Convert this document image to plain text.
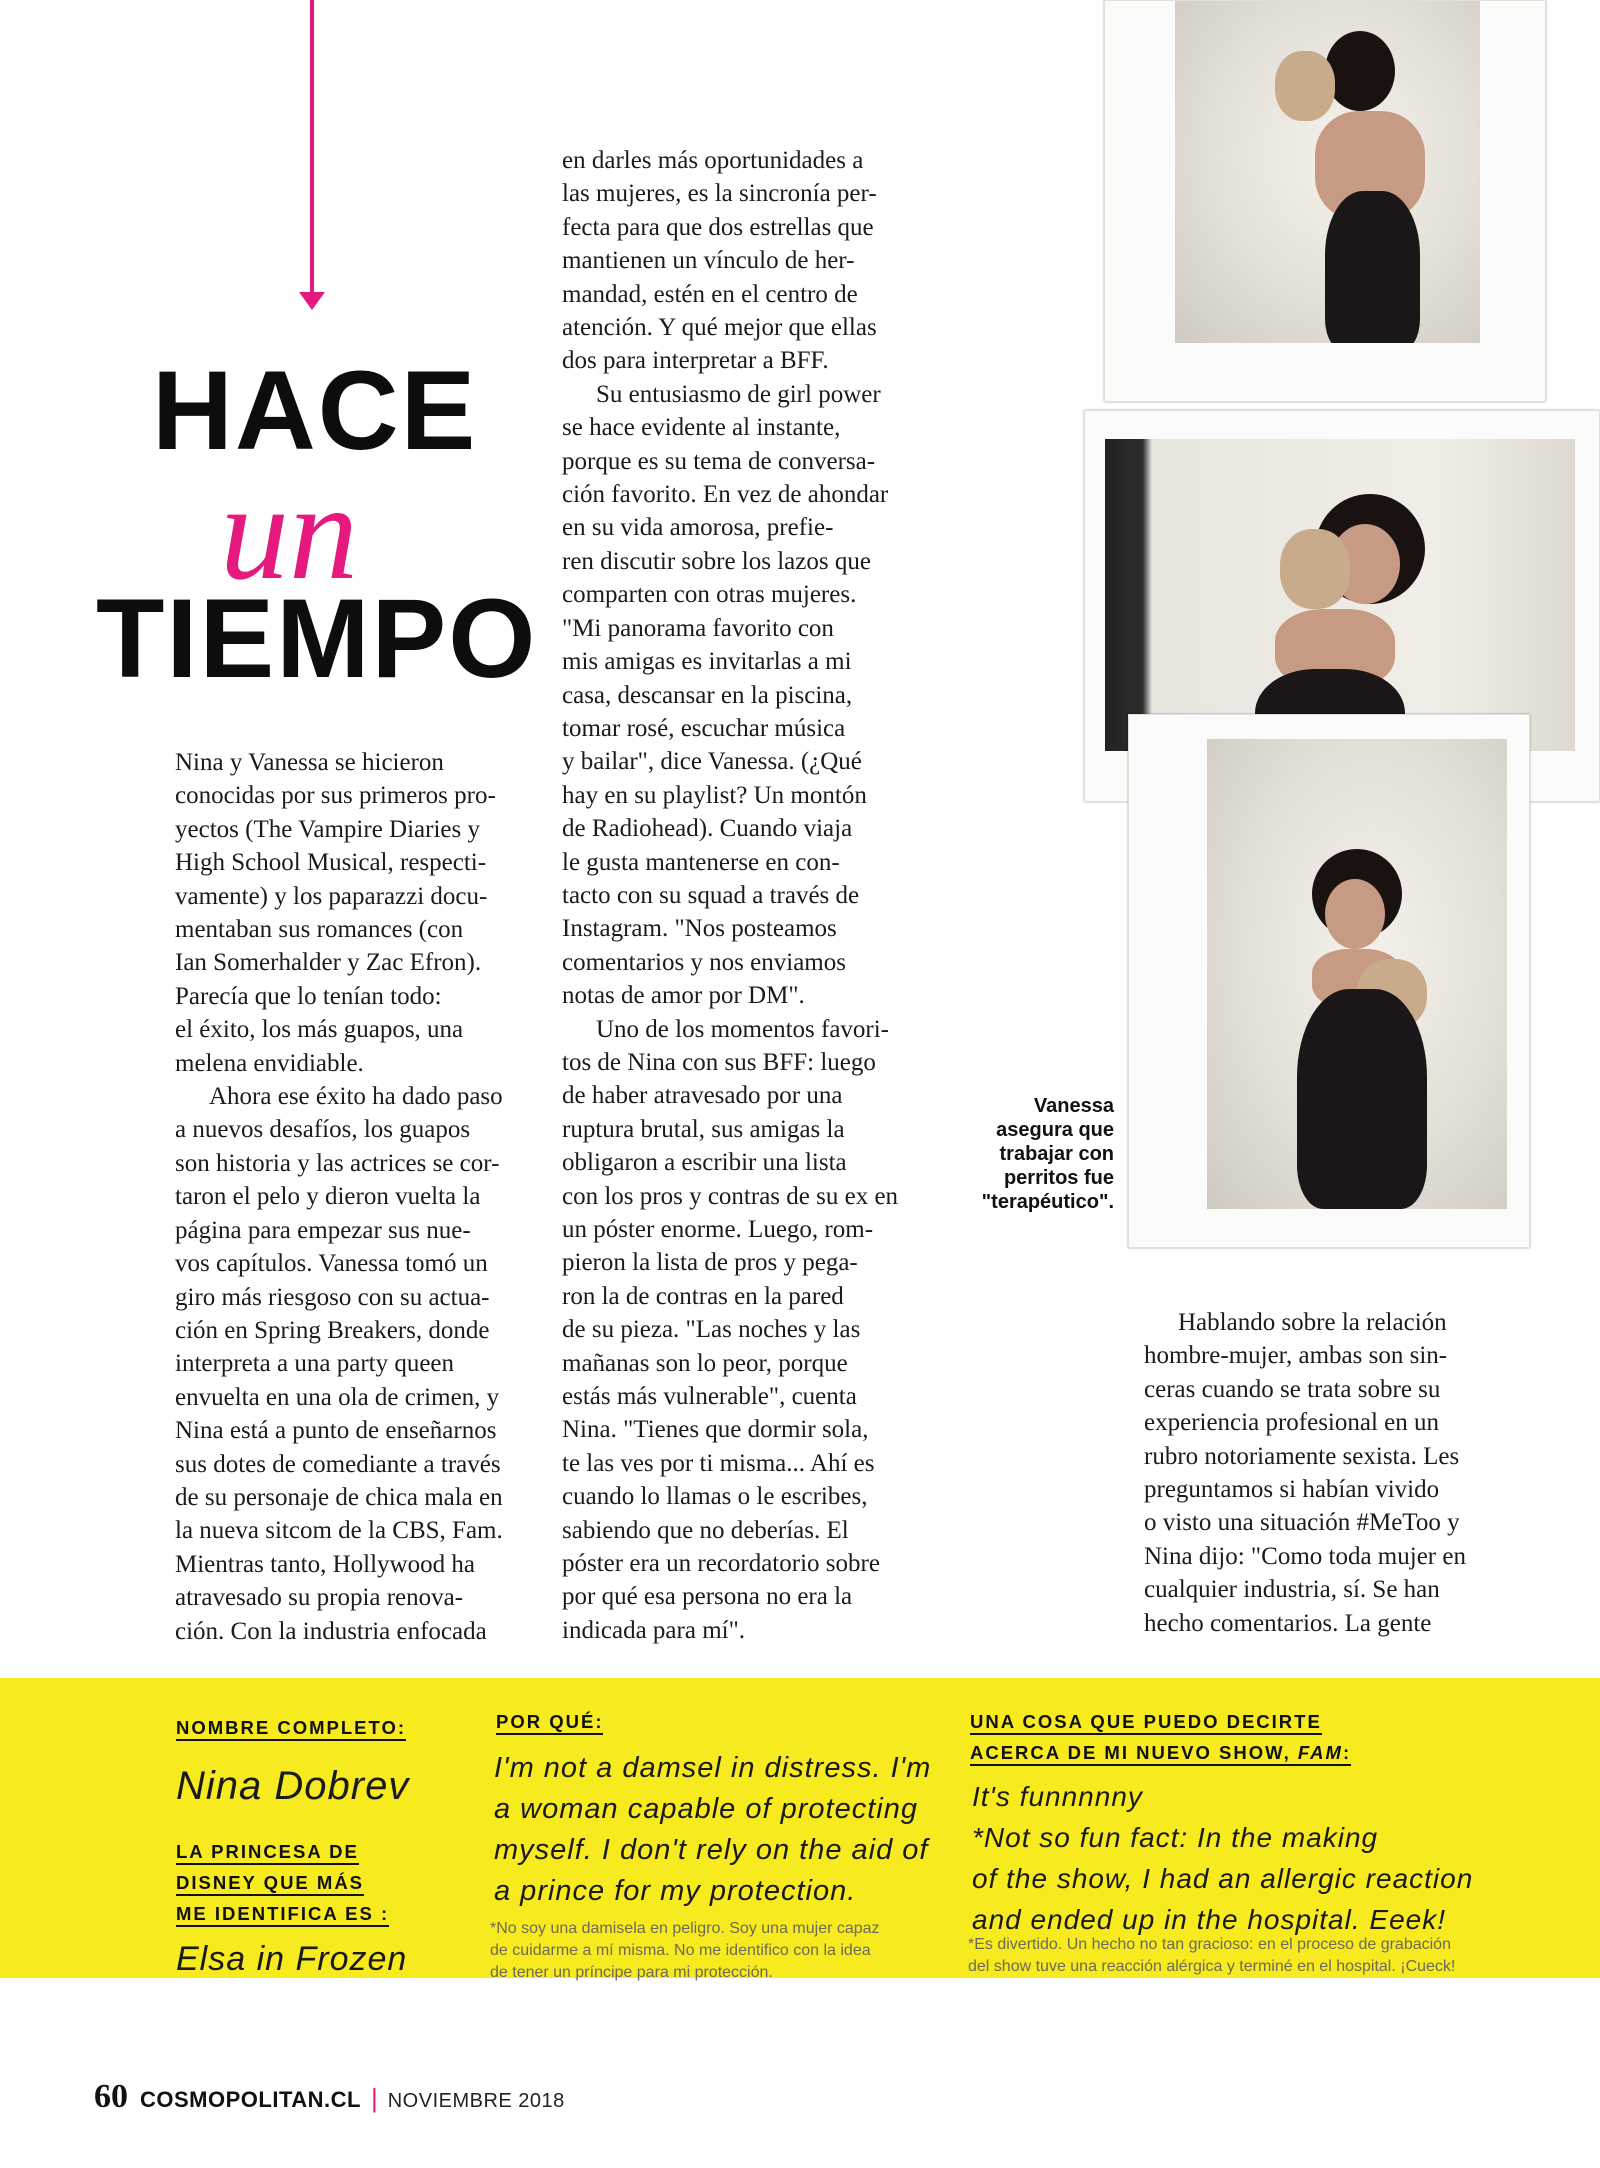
HACE
un
TIEMPO

Nina y Vanessa se hicieron
conocidas por sus primeros pro-
yectos (The Vampire Diaries y
High School Musical, respecti-
vamente) y los paparazzi docu-
mentaban sus romances (con
Ian Somerhalder y Zac Efron).
Parecía que lo tenían todo:
el éxito, los más guapos, una
melena envidiable.

Ahora ese éxito ha dado paso
a nuevos desafíos, los guapos
son historia y las actrices se cor-
taron el pelo y dieron vuelta la
página para empezar sus nue-
vos capítulos. Vanessa tomó un
giro más riesgoso con su actua-
ción en Spring Breakers, donde
interpreta a una party queen
envuelta en una ola de crimen, y
Nina está a punto de enseñarnos
sus dotes de comediante a través
de su personaje de chica mala en
la nueva sitcom de la CBS, Fam.
Mientras tanto, Hollywood ha
atravesado su propia renova-
ción. Con la industria enfocada

en darles más oportunidades a
las mujeres, es la sincronía per-
fecta para que dos estrellas que
mantienen un vínculo de her-
mandad, estén en el centro de
atención. Y qué mejor que ellas
dos para interpretar a BFF.

Su entusiasmo de girl power
se hace evidente al instante,
porque es su tema de conversa-
ción favorito. En vez de ahondar
en su vida amorosa, prefie-
ren discutir sobre los lazos que
comparten con otras mujeres.
"Mi panorama favorito con
mis amigas es invitarlas a mi
casa, descansar en la piscina,
tomar rosé, escuchar música
y bailar", dice Vanessa. (¿Qué
hay en su playlist? Un montón
de Radiohead). Cuando viaja
le gusta mantenerse en con-
tacto con su squad a través de
Instagram. "Nos posteamos
comentarios y nos enviamos
notas de amor por DM".

Uno de los momentos favori-
tos de Nina con sus BFF: luego
de haber atravesado por una
ruptura brutal, sus amigas la
obligaron a escribir una lista
con los pros y contras de su ex en
un póster enorme. Luego, rom-
pieron la lista de pros y pega-
ron la de contras en la pared
de su pieza. "Las noches y las
mañanas son lo peor, porque
estás más vulnerable", cuenta
Nina. "Tienes que dormir sola,
te las ves por ti misma... Ahí es
cuando lo llamas o le escribes,
sabiendo que no deberías. El
póster era un recordatorio sobre
por qué esa persona no era la
indicada para mí".

Hablando sobre la relación
hombre-mujer, ambas son sin-
ceras cuando se trata sobre su
experiencia profesional en un
rubro notoriamente sexista. Les
preguntamos si habían vivido
o visto una situación #MeToo y
Nina dijo: "Como toda mujer en
cualquier industria, sí. Se han
hecho comentarios. La gente

Vanessa
asegura que
trabajar con
perritos fue
"terapéutico".
NOMBRE COMPLETO:
Nina Dobrev
LA PRINCESA DE
DISNEY QUE MÁS
ME IDENTIFICA ES :
Elsa in Frozen
POR QUÉ:
I'm not a damsel in distress. I'm
a woman capable of protecting
myself. I don't rely on the aid of
a prince for my protection.
*No soy una damisela en peligro. Soy una mujer capaz
de cuidarme a mí misma. No me identifico con la idea
de tener un príncipe para mi protección.
UNA COSA QUE PUEDO DECIRTE
ACERCA DE MI NUEVO SHOW, FAM:
It's funnnnny
*Not so fun fact: In the making
of the show, I had an allergic reaction
and ended up in the hospital. Eeek!
*Es divertido. Un hecho no tan gracioso: en el proceso de grabación
del show tuve una reacción alérgica y terminé en el hospital. ¡Cueck!
60 COSMOPOLITAN.CL | NOVIEMBRE 2018
